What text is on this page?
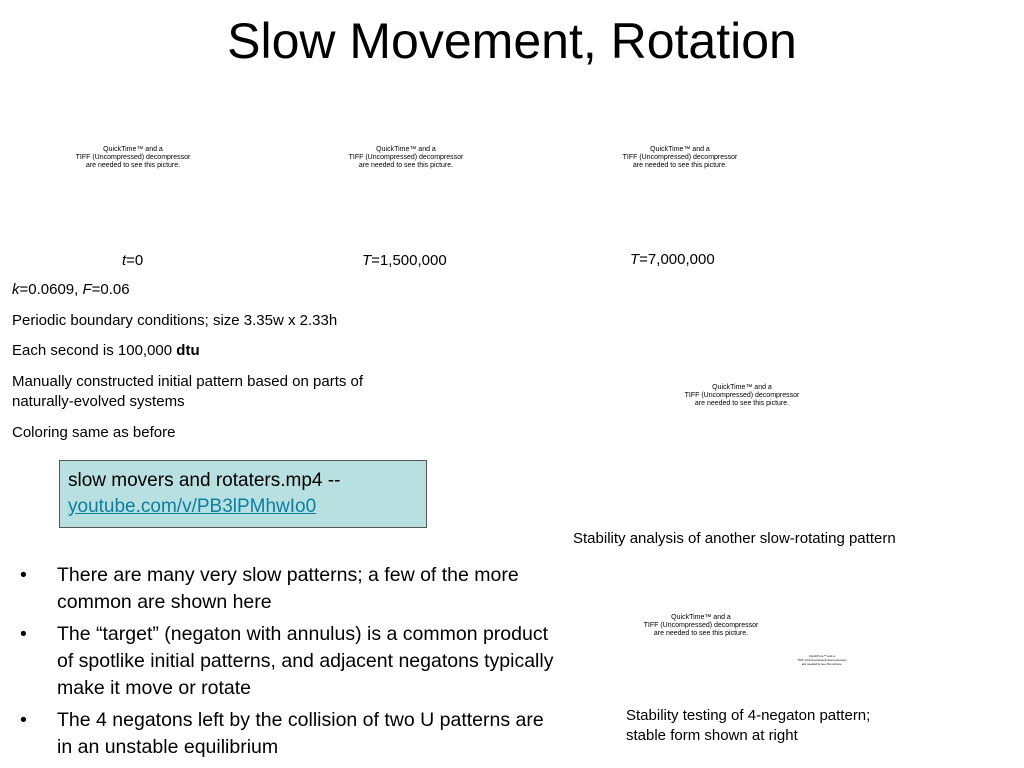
Slow Movement, Rotation
QuickTime™ and a
TIFF (Uncompressed) decompressor
are needed to see this picture.
QuickTime™ and a
TIFF (Uncompressed) decompressor
are needed to see this picture.
QuickTime™ and a
TIFF (Uncompressed) decompressor
are needed to see this picture.
t=0	T=1,500,000	T=7,000,000
k=0.0609, F=0.06
Periodic boundary conditions; size 3.35w x 2.33h
Each second is 100,000 dtu
Manually constructed initial pattern based on parts of naturally-evolved systems
Coloring same as before
slow movers and rotaters.mp4 --
youtube.com/v/PB3lPMhwIo0
QuickTime™ and a
TIFF (Uncompressed) decompressor
are needed to see this picture.
Stability analysis of another slow-rotating pattern
• There are many very slow patterns; a few of the more common are shown here
• The “target” (negaton with annulus) is a common product of spotlike initial patterns, and adjacent negatons typically make it move or rotate
• The 4 negatons left by the collision of two U patterns are in an unstable equilibrium
QuickTime™ and a
TIFF (Uncompressed) decompressor
are needed to see this picture.
QuickTime™ and a
TIFF (Uncompressed) decompressor
are needed to see this picture.
Stability testing of 4-negaton pattern; stable form shown at right
